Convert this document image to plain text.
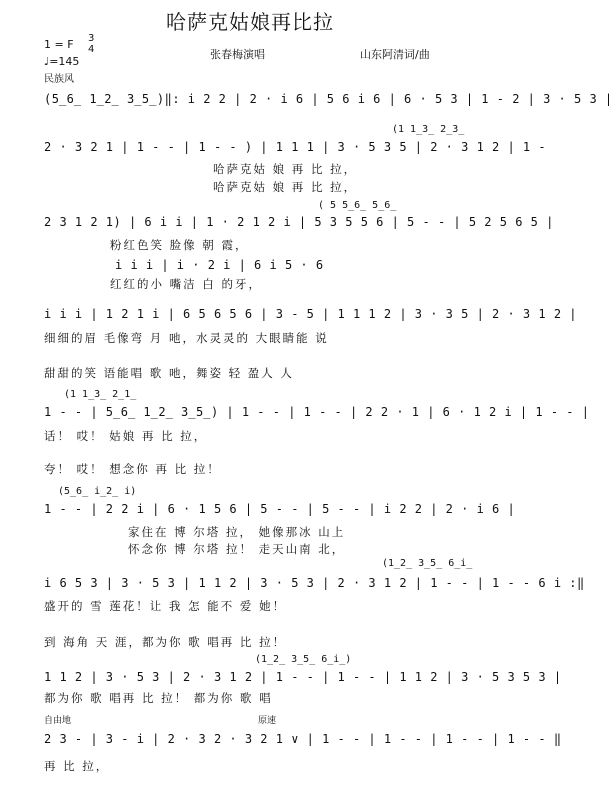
哈萨克姑娘再比拉
1 = F 3
4
♩=145
民族风
张春梅演唱	山东阿清词/曲
(5̲6̲ 1̲2̲ 3̲5̲)‖: i 2 2 | 2 · i 6 | 5 6 i 6 | 6 · 5 3 | 1 - 2 | 3 · 5 3 |
(1 1̲3̲ 2̲3̲
2 · 3 2 1 | 1 - - | 1 - - ) | 1 1 1 | 3 · 5 3 5 | 2 · 3 1 2 | 1 -
哈萨克姑 娘 再 比 拉，
哈萨克姑 娘 再 比 拉，
( 5 5̲6̲ 5̲6̲
2 3 1 2 1) | 6 i i | 1 · 2 1 2 i | 5 3 5 5 6 | 5 - - | 5 2 5 6 5 |
粉红色笑 脸像 朝 霞，
i i i | i · 2 i | 6 i 5 · 6
红红的小 嘴洁 白 的牙，
i i i | 1 2 1 i | 6 5 6 5 6 | 3 - 5 | 1 1 1 2 | 3 · 3 5 | 2 · 3 1 2 |
细细的眉 毛像弯 月 吔，水灵灵的 大眼睛能 说
甜甜的笑 语能唱 歌 吔，舞姿 轻 盈人 人
(1 1̲3̲ 2̲1̲
1 - - | 5̲6̲ 1̲2̲ 3̲5̲) | 1 - - | 1 - - | 2 2 · 1 | 6 · 1 2 i | 1 - - |
话！ 哎！ 姑娘 再 比 拉，
夸！ 哎！ 想念你 再 比 拉！
(5̲6̲ i̲2̲ i)
1 - - | 2 2 i | 6 · 1 5 6 | 5 - - | 5 - - | i 2 2 | 2 · i 6 |
家住在 博 尔塔 拉， 她像那冰 山上
怀念你 博 尔塔 拉！ 走天山南 北，
(1̲2̲ 3̲5̲ 6̲i̲
i 6 5 3 | 3 · 5 3 | 1 1 2 | 3 · 5 3 | 2 · 3 1 2 | 1 - - | 1 - - 6 i :‖
盛开的 雪 莲花！让 我 怎 能不 爱 她！
到 海角 天 涯，都为你 歌 唱再 比 拉！
(1̲2̲ 3̲5̲ 6̲i̲)
1 1 2 | 3 · 5 3 | 2 · 3 1 2 | 1 - - | 1 - - | 1 1 2 | 3 · 5 3 5 3 |
都为你 歌 唱再 比 拉！ 都为你 歌 唱
自由地	原速
2 3 - | 3 - i | 2 · 3 2 · 3 2 1 ∨ | 1 - - | 1 - - | 1 - - | 1 - - ‖
再 比 拉，
